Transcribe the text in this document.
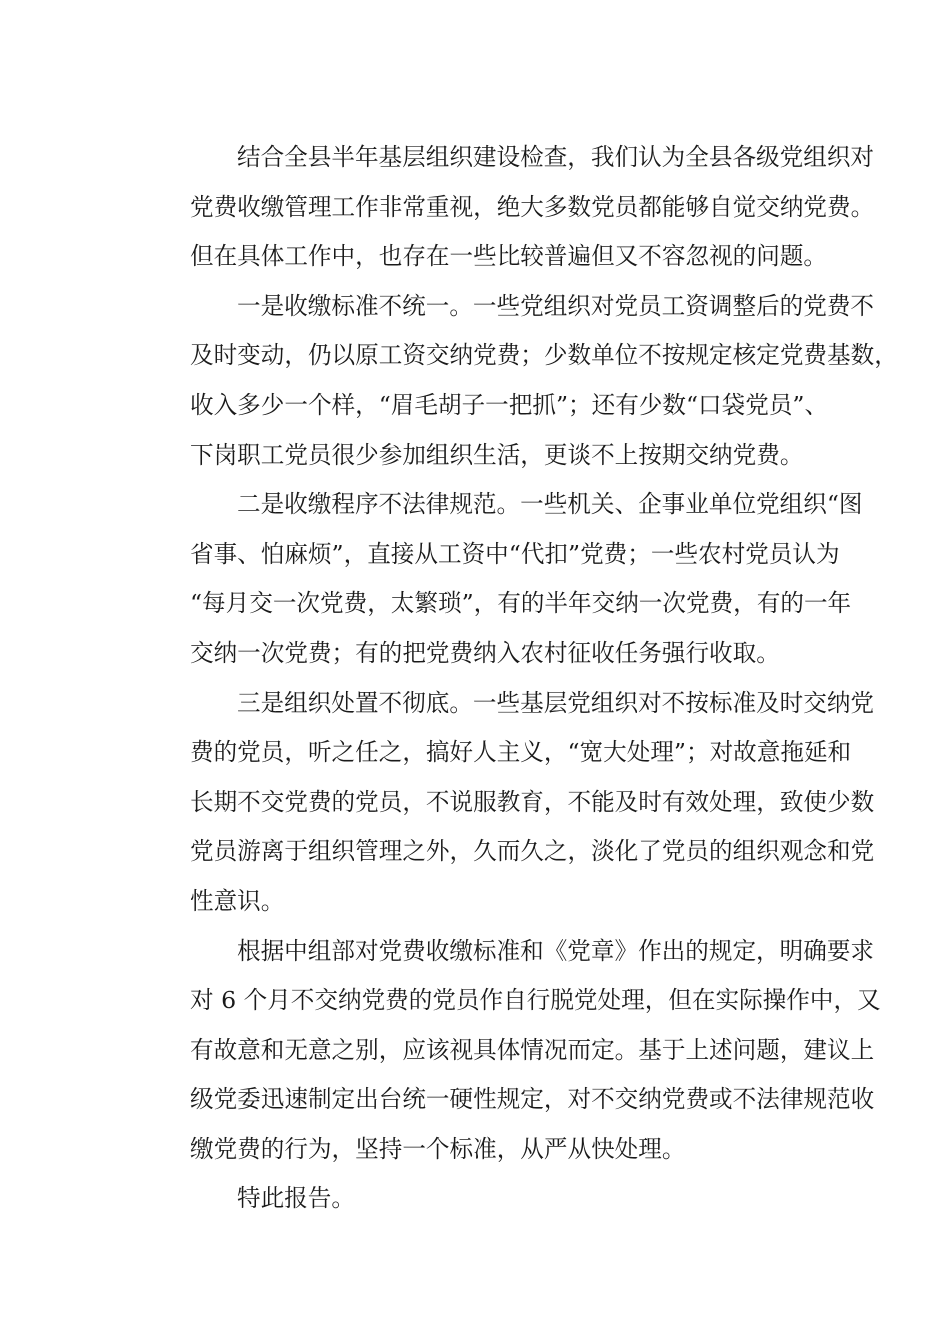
结合全县半年基层组织建设检查，我们认为全县各级党组织对
党费收缴管理工作非常重视，绝大多数党员都能够自觉交纳党费。
但在具体工作中，也存在一些比较普遍但又不容忽视的问题。
一是收缴标准不统一。一些党组织对党员工资调整后的党费不
及时变动，仍以原工资交纳党费；少数单位不按规定核定党费基数，
收入多少一个样，“眉毛胡子一把抓”；还有少数“口袋党员”、
下岗职工党员很少参加组织生活，更谈不上按期交纳党费。
二是收缴程序不法律规范。一些机关、企事业单位党组织“图
省事、怕麻烦”，直接从工资中“代扣”党费；一些农村党员认为
“每月交一次党费，太繁琐”，有的半年交纳一次党费，有的一年
交纳一次党费；有的把党费纳入农村征收任务强行收取。
三是组织处置不彻底。一些基层党组织对不按标准及时交纳党
费的党员，听之任之，搞好人主义，“宽大处理”；对故意拖延和
长期不交党费的党员，不说服教育，不能及时有效处理，致使少数
党员游离于组织管理之外，久而久之，淡化了党员的组织观念和党
性意识。
根据中组部对党费收缴标准和《党章》作出的规定，明确要求
对 6 个月不交纳党费的党员作自行脱党处理，但在实际操作中，又
有故意和无意之别，应该视具体情况而定。基于上述问题，建议上
级党委迅速制定出台统一硬性规定，对不交纳党费或不法律规范收
缴党费的行为，坚持一个标准，从严从快处理。
特此报告。
